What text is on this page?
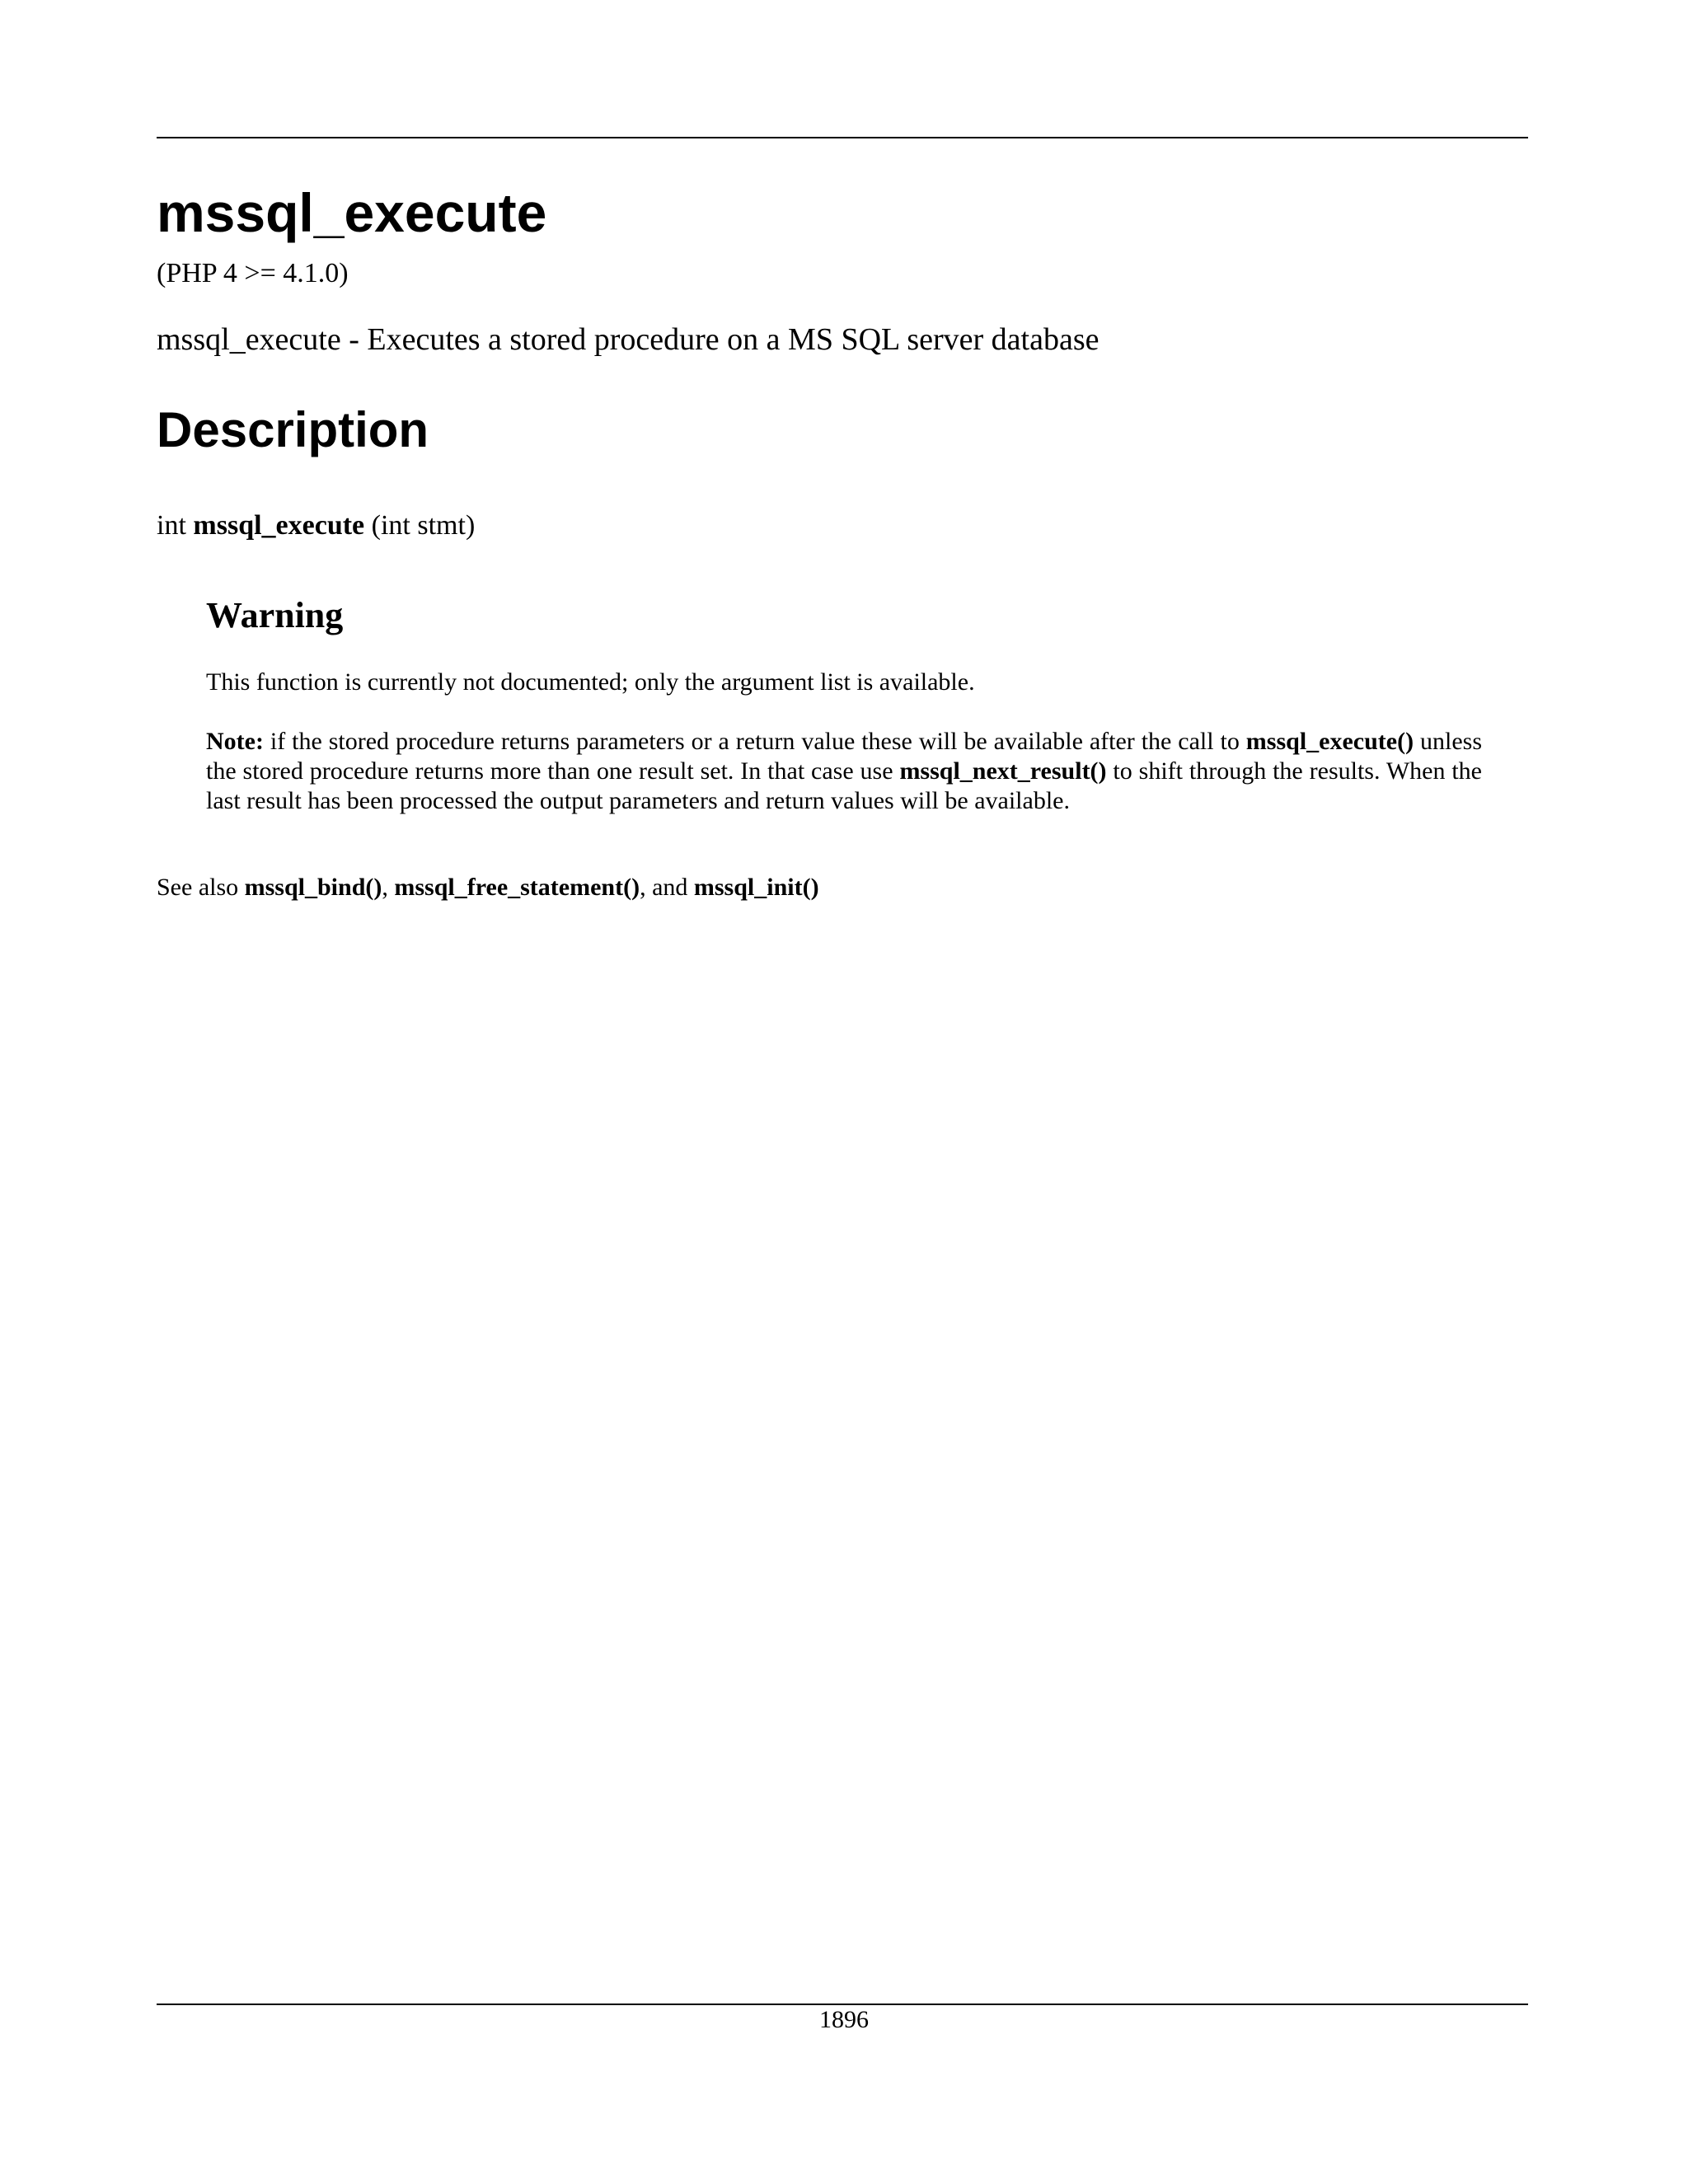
mssql_execute
(PHP 4 >= 4.1.0)
mssql_execute - Executes a stored procedure on a MS SQL server database
Description
int mssql_execute (int stmt)
Warning
This function is currently not documented; only the argument list is available.
Note: if the stored procedure returns parameters or a return value these will be available after the call to mssql_execute() unless the stored procedure returns more than one result set. In that case use mssql_next_result() to shift through the results. When the last result has been processed the output parameters and return values will be available.
See also mssql_bind(), mssql_free_statement(), and mssql_init()
1896
